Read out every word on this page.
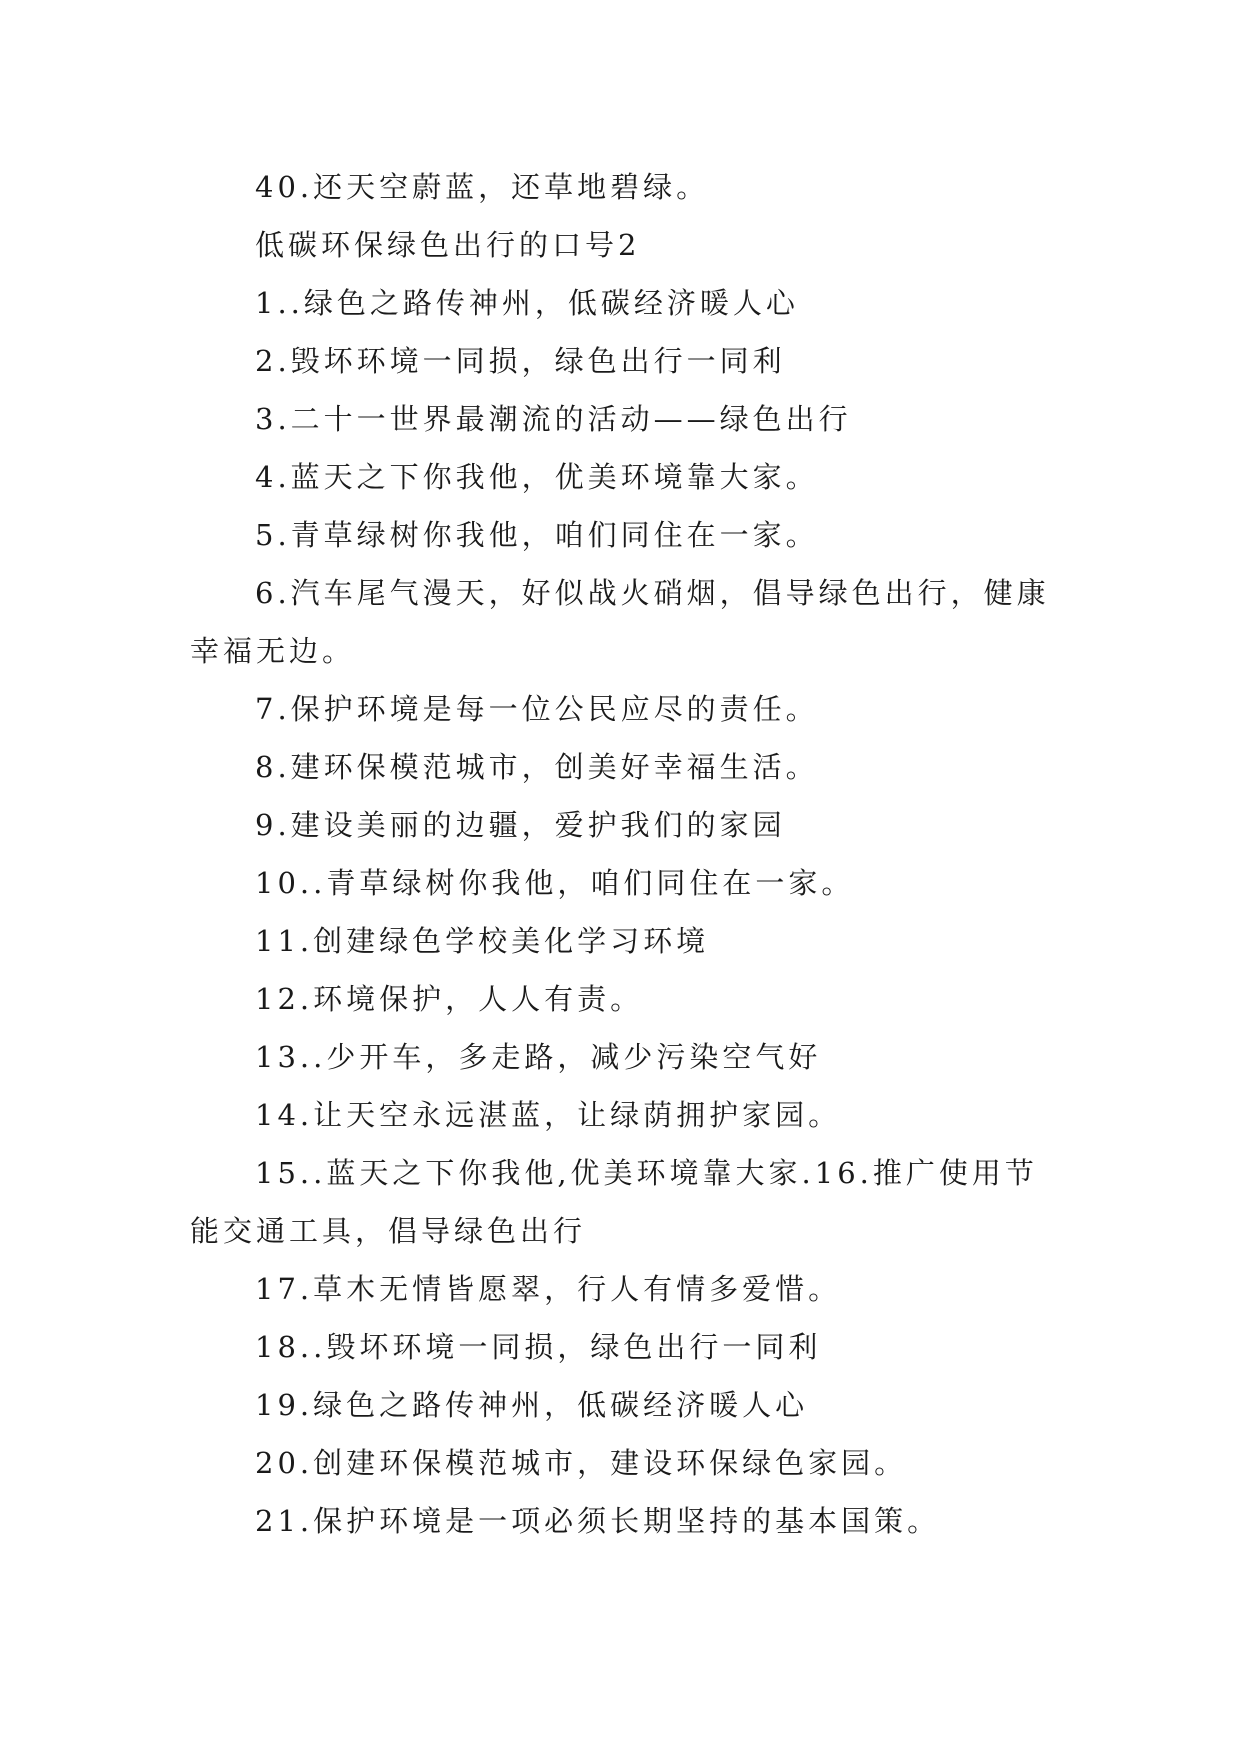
40.还天空蔚蓝，还草地碧绿。

低碳环保绿色出行的口号2

1..绿色之路传神州，低碳经济暖人心

2.毁坏环境一同损，绿色出行一同利

3.二十一世界最潮流的活动——绿色出行

4.蓝天之下你我他，优美环境靠大家。

5.青草绿树你我他，咱们同住在一家。

6.汽车尾气漫天，好似战火硝烟，倡导绿色出行，健康幸福无边。

7.保护环境是每一位公民应尽的责任。

8.建环保模范城市，创美好幸福生活。

9.建设美丽的边疆，爱护我们的家园

10..青草绿树你我他，咱们同住在一家。

11.创建绿色学校美化学习环境

12.环境保护，人人有责。

13..少开车，多走路，减少污染空气好

14.让天空永远湛蓝，让绿荫拥护家园。

15..蓝天之下你我他,优美环境靠大家.16.推广使用节能交通工具，倡导绿色出行

17.草木无情皆愿翠，行人有情多爱惜。

18..毁坏环境一同损，绿色出行一同利

19.绿色之路传神州，低碳经济暖人心

20.创建环保模范城市，建设环保绿色家园。

21.保护环境是一项必须长期坚持的基本国策。
